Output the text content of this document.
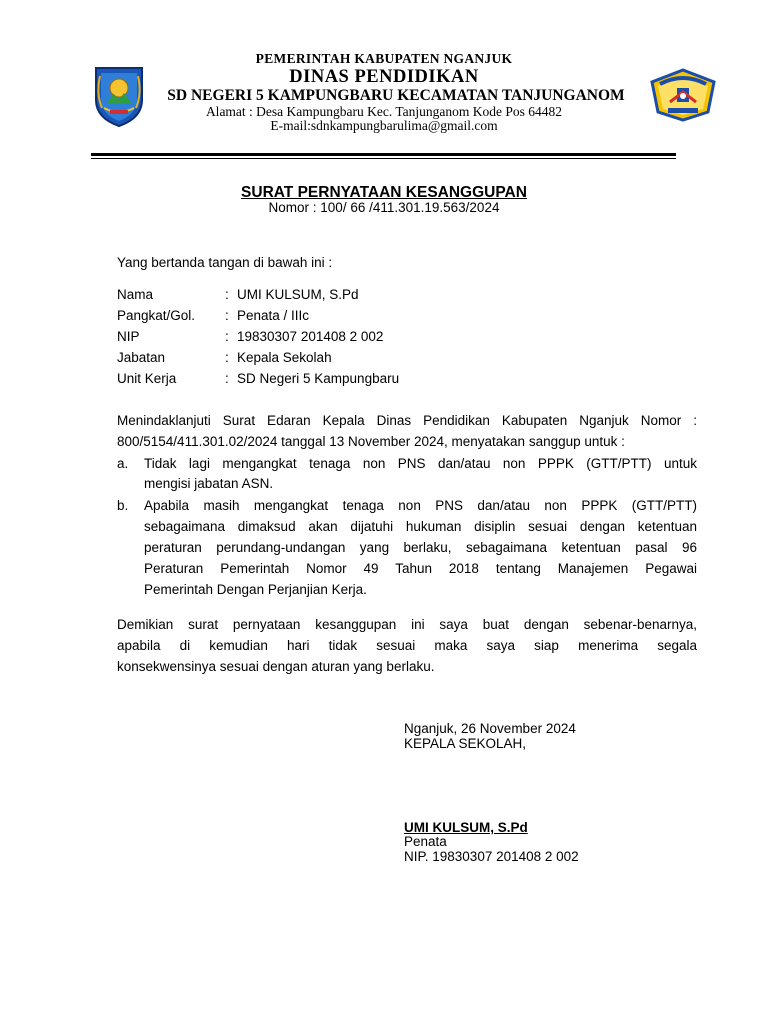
PEMERINTAH KABUPATEN NGANJUK
DINAS PENDIDIKAN
SD NEGERI 5 KAMPUNGBARU KECAMATAN TANJUNGANOM
Alamat : Desa Kampungbaru Kec. Tanjunganom Kode Pos 64482
E-mail:sdnkampungbarulima@gmail.com
SURAT PERNYATAAN KESANGGUPAN
Nomor : 100/ 66 /411.301.19.563/2024
Yang bertanda tangan di bawah ini :
Nama	: UMI KULSUM, S.Pd
Pangkat/Gol. : Penata / IIIc
NIP	: 19830307 201408 2 002
Jabatan	: Kepala Sekolah
Unit Kerja	: SD Negeri 5 Kampungbaru
Menindaklanjuti Surat Edaran Kepala Dinas Pendidikan Kabupaten Nganjuk Nomor :
800/5154/411.301.02/2024 tanggal 13 November 2024, menyatakan sanggup untuk :
a. Tidak lagi mengangkat tenaga non PNS dan/atau non PPPK (GTT/PTT) untuk
mengisi jabatan ASN.
b. Apabila masih mengangkat tenaga non PNS dan/atau non PPPK (GTT/PTT)
sebagaimana dimaksud akan dijatuhi hukuman disiplin sesuai dengan ketentuan
peraturan perundang-undangan yang berlaku, sebagaimana ketentuan pasal 96
Peraturan Pemerintah Nomor 49 Tahun 2018 tentang Manajemen Pegawai
Pemerintah Dengan Perjanjian Kerja.
Demikian surat pernyataan kesanggupan ini saya buat dengan sebenar-benarnya,
apabila di kemudian hari tidak sesuai maka saya siap menerima segala
konsekwensinya sesuai dengan aturan yang berlaku.
Nganjuk, 26 November 2024
KEPALA SEKOLAH,
UMI KULSUM, S.Pd
Penata
NIP. 19830307 201408 2 002
